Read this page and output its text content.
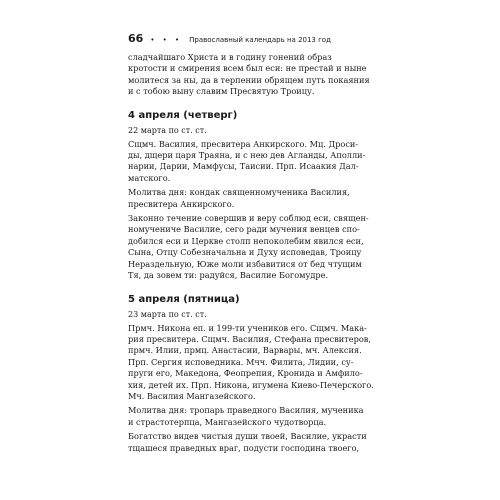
66 • • • Православный календарь на 2013 год
сладчайшаго Христа и в годину гонений образ
кротости и смирения всем был еси: не престай и ныне
молитеся за ны, да в терпении обрящем путь покаяния
и с тобою выну славим Пресвятую Троицу.
4 апреля (четверг)
22 марта по ст. ст.
Сщмч. Василия, пресвитера Анкирского. Мц. Дроси-
ды, дщери царя Траяна, и с нею дев Агланды, Аполли-
нарии, Дарии, Мамфусы, Таисии. Прп. Исаакия Дал-
матского.
Молитва дня: кондак священномученика Василия,
пресвитера Анкирского.
Законно течение совершив и веру соблюд еси, священ-
номучениче Василие, сего ради мучения венцев спо-
добился еси и Церкве столп непоколебим явился еси,
Сына, Отцу Собезначальна и Духу исповедав, Троицу
Нераздельную, Юже моли избавитися от бед чтущим
Тя, да зовем ти: радуйся, Василие Богомудре.
5 апреля (пятница)
23 марта по ст. ст.
Прмч. Никона еп. и 199-ти учеников его. Сщмч. Мака-
рия пресвитера. Сщмч. Василия, Стефана пресвитеров,
прмч. Илии, прмц. Анастасии, Варвары, мч. Алексия.
Прп. Сергия исповедника. Мчч. Филита, Лидии, су-
пруги его, Македона, Феопрепия, Кронида и Амфило-
хия, детей их. Прп. Никона, игумена Киево-Печерского.
Мч. Василия Мангазейского.
Молитва дня: тропарь праведного Василия, мученика
и страстотерпца, Мангазейского чудотворца.
Богатство видев чистыя души твоей, Василие, украсти
тщашеся праведных враг, подусти господина твоего,
